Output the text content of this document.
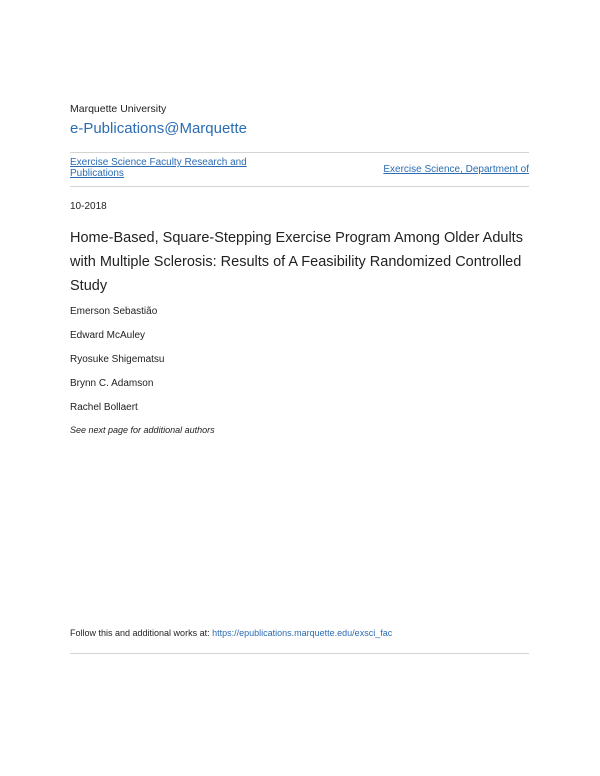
Marquette University
e-Publications@Marquette
Exercise Science Faculty Research and Publications	Exercise Science, Department of
10-2018
Home-Based, Square-Stepping Exercise Program Among Older Adults with Multiple Sclerosis: Results of A Feasibility Randomized Controlled Study
Emerson Sebastião
Edward McAuley
Ryosuke Shigematsu
Brynn C. Adamson
Rachel Bollaert
See next page for additional authors
Follow this and additional works at: https://epublications.marquette.edu/exsci_fac
